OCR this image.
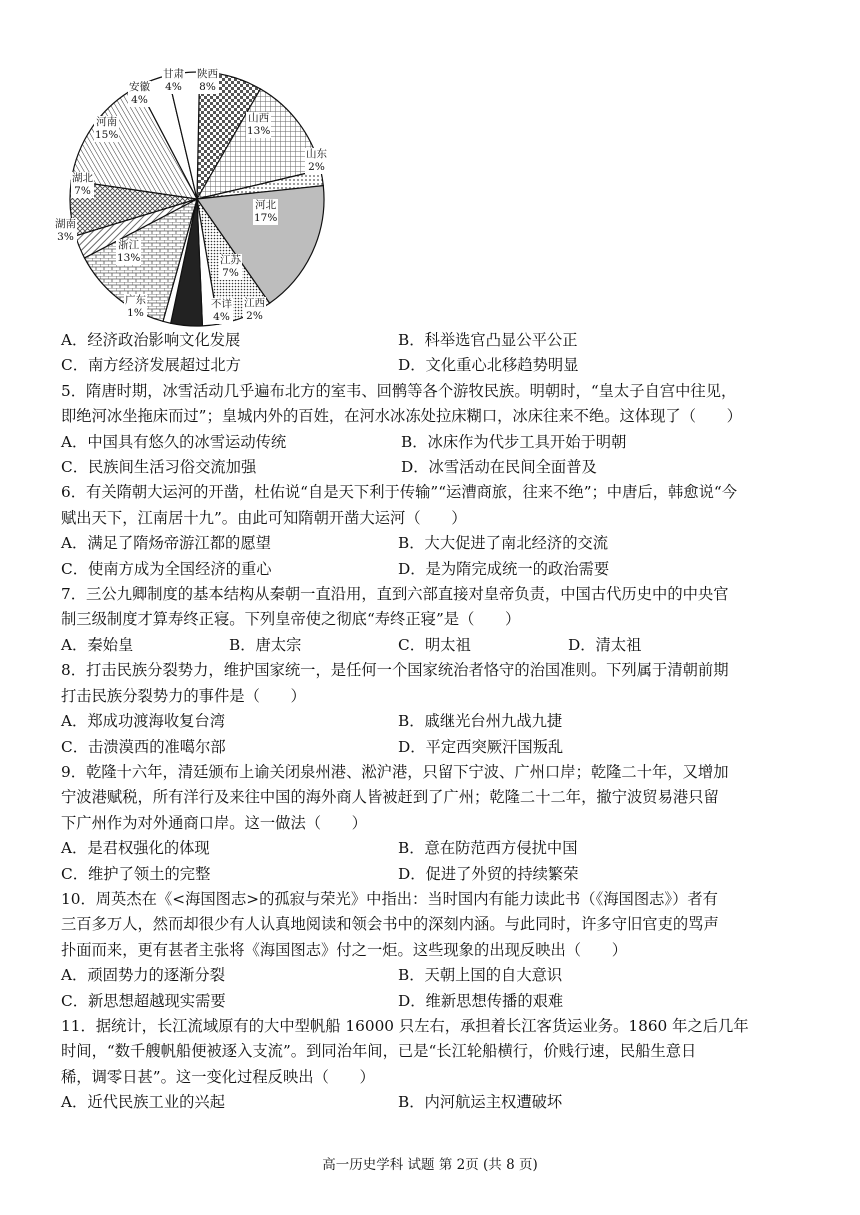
陕西
8%
山西
13%
山东
2%
河北
17%
江苏
7%
江西
2%
不详
4%
广东
1%
浙江
13%
湖南
3%
湖北
7%
河南
15%
安徽
4%
甘肃
4%
A．经济政治影响文化发展	B．科举选官凸显公平公正
C．南方经济发展超过北方	D．文化重心北移趋势明显
5．隋唐时期，冰雪活动几乎遍布北方的室韦、回鹘等各个游牧民族。明朝时，“皇太子自宫中往见，
即绝河冰坐拖床而过”；皇城内外的百姓，在河水冰冻处拉床糊口，冰床往来不绝。这体现了（　　）
A．中国具有悠久的冰雪运动传统	B．冰床作为代步工具开始于明朝
C．民族间生活习俗交流加强	D．冰雪活动在民间全面普及
6．有关隋朝大运河的开凿，杜佑说“自是天下利于传输”“运漕商旅，往来不绝”；中唐后，韩愈说“今
赋出天下，江南居十九”。由此可知隋朝开凿大运河（　　）
A．满足了隋炀帝游江都的愿望	B．大大促进了南北经济的交流
C．使南方成为全国经济的重心	D．是为隋完成统一的政治需要
7．三公九卿制度的基本结构从秦朝一直沿用，直到六部直接对皇帝负责，中国古代历史中的中央官
制三级制度才算寿终正寝。下列皇帝使之彻底“寿终正寝”是（　　）
A．秦始皇	B．唐太宗	C．明太祖	D．清太祖
8．打击民族分裂势力，维护国家统一，是任何一个国家统治者恪守的治国准则。下列属于清朝前期
打击民族分裂势力的事件是（　　）
A．郑成功渡海收复台湾	B．戚继光台州九战九捷
C．击溃漠西的准噶尔部	D．平定西突厥汗国叛乱
9．乾隆十六年，清廷颁布上谕关闭泉州港、淞沪港，只留下宁波、广州口岸；乾隆二十年，又增加
宁波港赋税，所有洋行及来往中国的海外商人皆被赶到了广州；乾隆二十二年，撤宁波贸易港只留
下广州作为对外通商口岸。这一做法（　　）
A．是君权强化的体现	B．意在防范西方侵扰中国
C．维护了领土的完整	D．促进了外贸的持续繁荣
10．周英杰在《<海国图志>的孤寂与荣光》中指出：当时国内有能力读此书（《海国图志》）者有
三百多万人，然而却很少有人认真地阅读和领会书中的深刻内涵。与此同时，许多守旧官吏的骂声
扑面而来，更有甚者主张将《海国图志》付之一炬。这些现象的出现反映出（　　）
A．顽固势力的逐渐分裂	B．天朝上国的自大意识
C．新思想超越现实需要	D．维新思想传播的艰难
11．据统计，长江流域原有的大中型帆船 16000 只左右，承担着长江客货运业务。1860 年之后几年
时间，“数千艘帆船便被逐入支流”。到同治年间，已是“长江轮船横行，价贱行速，民船生意日
稀，调零日甚”。这一变化过程反映出（　　）
A．近代民族工业的兴起	B．内河航运主权遭破坏
高一历史学科 试题 第 2页 (共 8 页)
